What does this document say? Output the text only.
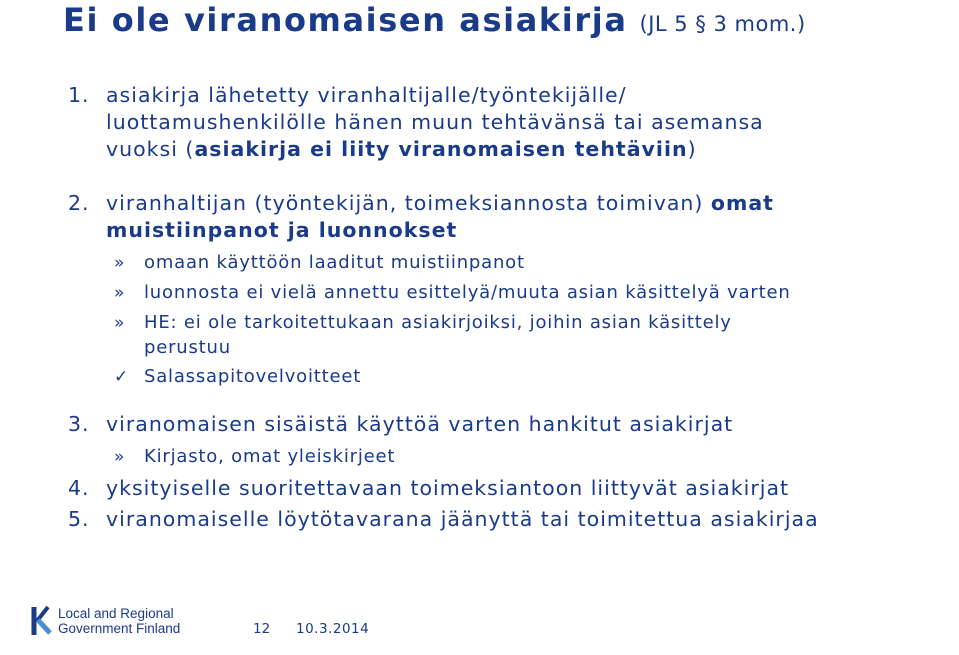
Ei ole viranomaisen asiakirja (JL 5 § 3 mom.)
1. asiakirja lähetetty viranhaltijalle/työntekijälle/
luottamushenkilölle hänen muun tehtävänsä tai asemansa
vuoksi (asiakirja ei liity viranomaisen tehtäviin)
2. viranhaltijan (työntekijän, toimeksiannosta toimivan) omat
muistiinpanot ja luonnokset
» omaan käyttöön laaditut muistiinpanot
» luonnosta ei vielä annettu esittelyä/muuta asian käsittelyä varten
» HE: ei ole tarkoitettukaan asiakirjoiksi, joihin asian käsittely
perustuu
✓ Salassapitovelvoitteet
3. viranomaisen sisäistä käyttöä varten hankitut asiakirjat
» Kirjasto, omat yleiskirjeet
4. yksityiselle suoritettavaan toimeksiantoon liittyvät asiakirjat
5. viranomaiselle löytötavarana jäänyttä tai toimitettua asiakirjaa
Local and Regional
Government Finland	12 10.3.2014
